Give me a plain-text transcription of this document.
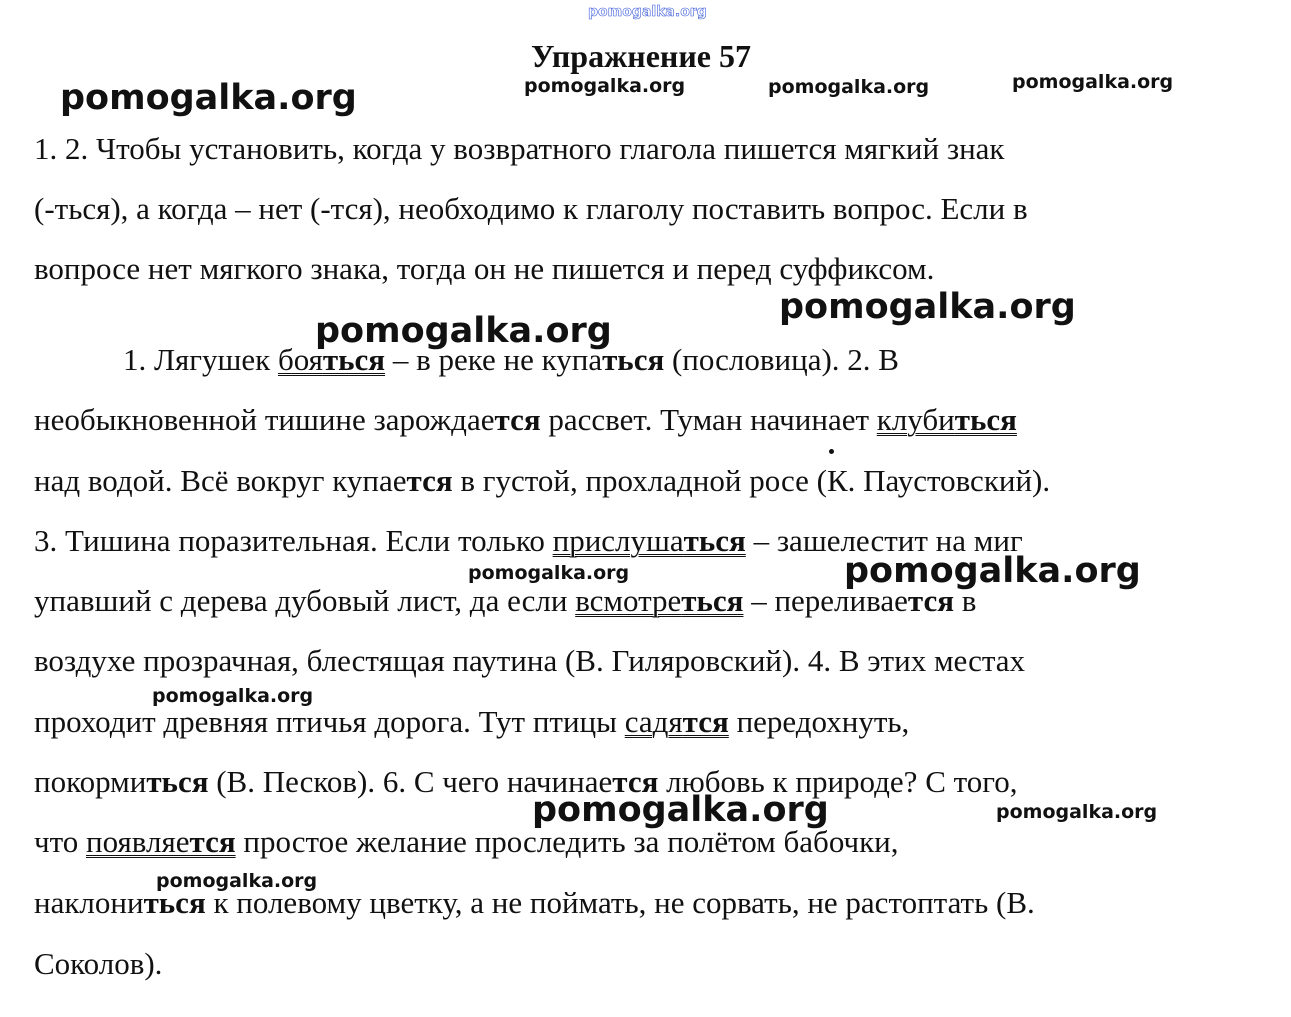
pomogalka.org
Упражнение 57
1. 2. Чтобы установить, когда у возвратного глагола пишется мягкий знак
(-ться), а когда – нет (-тся), необходимо к глаголу поставить вопрос. Если в
вопросе нет мягкого знака, тогда он не пишется и перед суффиксом.
1. Лягушек бояться – в реке не купаться (пословица). 2. В
необыкновенной тишине зарождается рассвет. Туман начинает клубиться
над водой. Всё вокруг купается в густой, прохладной росе (К. Паустовский).
3. Тишина поразительная. Если только прислушаться – зашелестит на миг
упавший с дерева дубовый лист, да если всмотреться – переливается в
воздухе прозрачная, блестящая паутина (В. Гиляровский). 4. В этих местах
проходит древняя птичья дорога. Тут птицы садятся передохнуть,
покормиться (В. Песков). 6. С чего начинается любовь к природе? С того,
что появляется простое желание проследить за полётом бабочки,
наклониться к полевому цветку, а не поймать, не сорвать, не растоптать (В.
Соколов).
pomogalka.org	pomogalka.org	pomogalka.org	pomogalka.org
pomogalka.org
pomogalka.org
pomogalka.org	pomogalka.org
pomogalka.org
pomogalka.org	pomogalka.org
pomogalka.org
